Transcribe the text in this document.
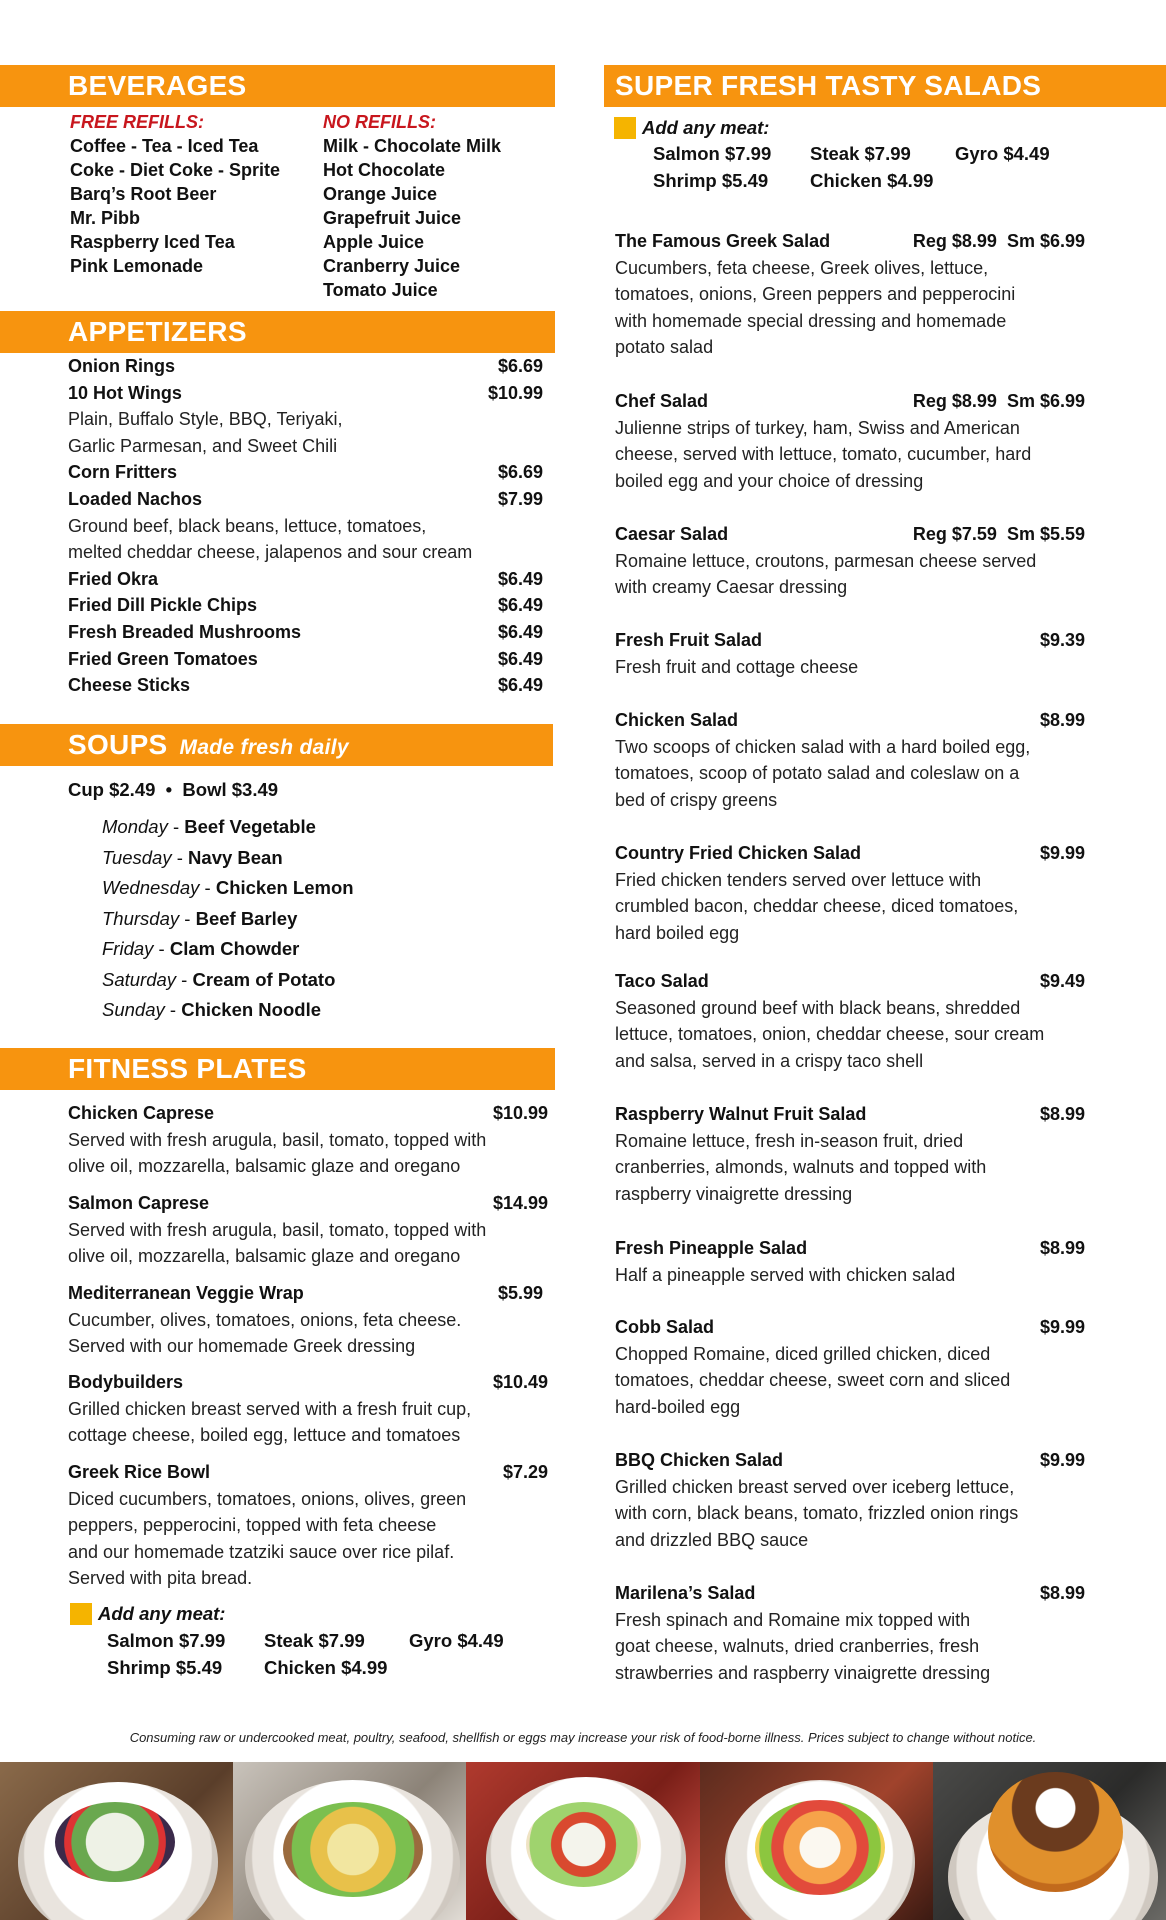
BEVERAGES
FREE REFILLS:
Coffee - Tea - Iced Tea
Coke - Diet Coke - Sprite
Barq’s Root Beer
Mr. Pibb
Raspberry Iced Tea
Pink Lemonade
NO REFILLS:
Milk - Chocolate Milk
Hot Chocolate
Orange Juice
Grapefruit Juice
Apple Juice
Cranberry Juice
Tomato Juice
APPETIZERS
Onion Rings	$6.69
10 Hot Wings	$10.99
Plain, Buffalo Style, BBQ, Teriyaki,
Garlic Parmesan, and Sweet Chili
Corn Fritters	$6.69
Loaded Nachos	$7.99
Ground beef, black beans, lettuce, tomatoes,
melted cheddar cheese, jalapenos and sour cream
Fried Okra	$6.49
Fried Dill Pickle Chips	$6.49
Fresh Breaded Mushrooms	$6.49
Fried Green Tomatoes	$6.49
Cheese Sticks	$6.49
SOUPS Made fresh daily
Cup $2.49  •  Bowl $3.49
Monday - Beef Vegetable
Tuesday - Navy Bean
Wednesday - Chicken Lemon
Thursday - Beef Barley
Friday - Clam Chowder
Saturday - Cream of Potato
Sunday - Chicken Noodle
FITNESS PLATES
Chicken Caprese	$10.99
Served with fresh arugula, basil, tomato, topped with
olive oil, mozzarella, balsamic glaze and oregano
Salmon Caprese	$14.99
Served with fresh arugula, basil, tomato, topped with
olive oil, mozzarella, balsamic glaze and oregano
Mediterranean Veggie Wrap	$5.99
Cucumber, olives, tomatoes, onions, feta cheese.
Served with our homemade Greek dressing
Bodybuilders	$10.49
Grilled chicken breast served with a fresh fruit cup,
cottage cheese, boiled egg, lettuce and tomatoes
Greek Rice Bowl	$7.29
Diced cucumbers, tomatoes, onions, olives, green
peppers, pepperocini, topped with feta cheese
and our homemade tzatziki sauce over rice pilaf.
Served with pita bread.
Add any meat:
Salmon $7.99 Steak $7.99 Gyro $4.49
Shrimp $5.49 Chicken $4.99
SUPER FRESH TASTY SALADS
Add any meat:
Salmon $7.99 Steak $7.99 Gyro $4.49
Shrimp $5.49 Chicken $4.99
The Famous Greek Salad	Reg $8.99 Sm $6.99
Cucumbers, feta cheese, Greek olives, lettuce,
tomatoes, onions, Green peppers and pepperocini
with homemade special dressing and homemade
potato salad
Chef Salad	Reg $8.99 Sm $6.99
Julienne strips of turkey, ham, Swiss and American
cheese, served with lettuce, tomato, cucumber, hard
boiled egg and your choice of dressing
Caesar Salad	Reg $7.59 Sm $5.59
Romaine lettuce, croutons, parmesan cheese served
with creamy Caesar dressing
Fresh Fruit Salad	$9.39
Fresh fruit and cottage cheese
Chicken Salad	$8.99
Two scoops of chicken salad with a hard boiled egg,
tomatoes, scoop of potato salad and coleslaw on a
bed of crispy greens
Country Fried Chicken Salad	$9.99
Fried chicken tenders served over lettuce with
crumbled bacon, cheddar cheese, diced tomatoes,
hard boiled egg
Taco Salad	$9.49
Seasoned ground beef with black beans, shredded
lettuce, tomatoes, onion, cheddar cheese, sour cream
and salsa, served in a crispy taco shell
Raspberry Walnut Fruit Salad	$8.99
Romaine lettuce, fresh in-season fruit, dried
cranberries, almonds, walnuts and topped with
raspberry vinaigrette dressing
Fresh Pineapple Salad	$8.99
Half a pineapple served with chicken salad
Cobb Salad	$9.99
Chopped Romaine, diced grilled chicken, diced
tomatoes, cheddar cheese, sweet corn and sliced
hard-boiled egg
BBQ Chicken Salad	$9.99
Grilled chicken breast served over iceberg lettuce,
with corn, black beans, tomato, frizzled onion rings
and drizzled BBQ sauce
Marilena’s Salad	$8.99
Fresh spinach and Romaine mix topped with
goat cheese, walnuts, dried cranberries, fresh
strawberries and raspberry vinaigrette dressing
Consuming raw or undercooked meat, poultry, seafood, shellfish or eggs may increase your risk of food-borne illness. Prices subject to change without notice.
